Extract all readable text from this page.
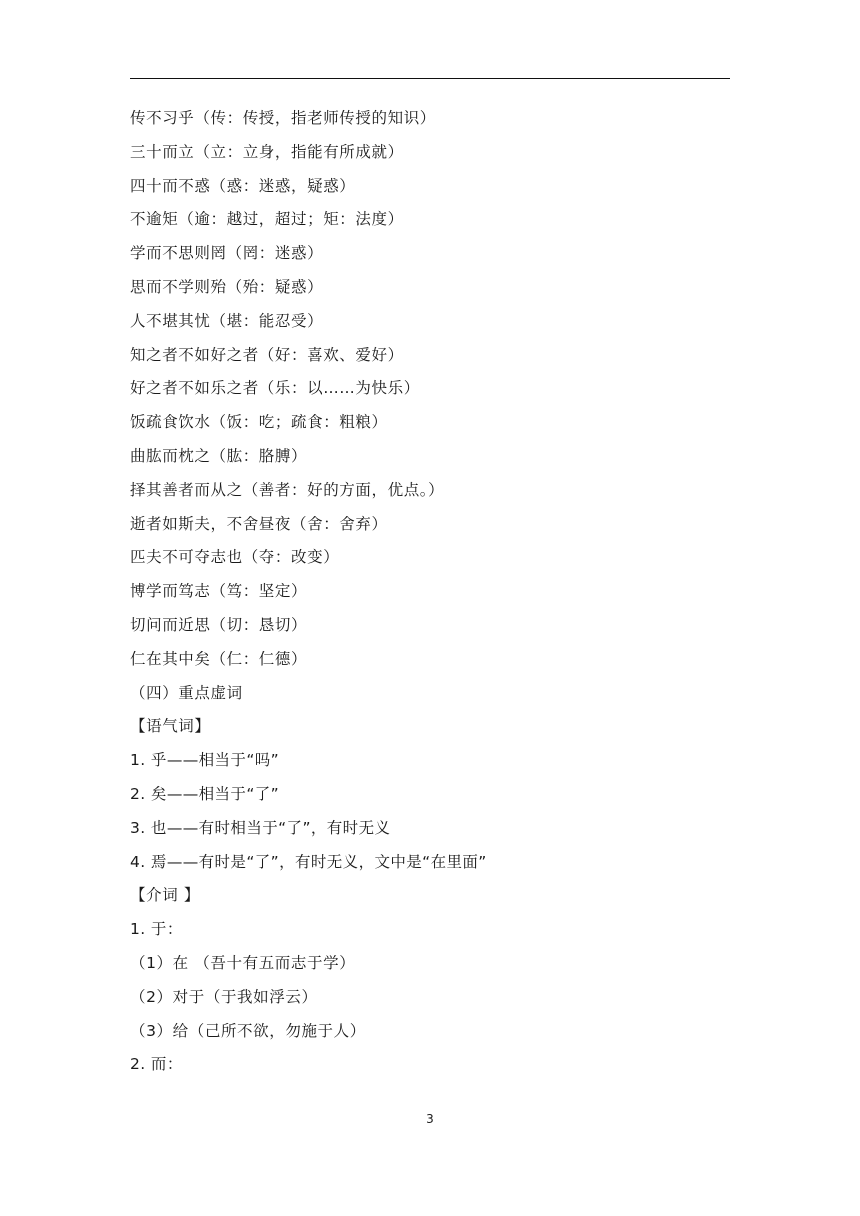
传不习乎（传：传授，指老师传授的知识）
三十而立（立：立身，指能有所成就）
四十而不惑（惑：迷惑，疑惑）
不逾矩（逾：越过，超过；矩：法度）
学而不思则罔（罔：迷惑）
思而不学则殆（殆：疑惑）
人不堪其忧（堪：能忍受）
知之者不如好之者（好：喜欢、爱好）
好之者不如乐之者（乐：以……为快乐）
饭疏食饮水（饭：吃；疏食：粗粮）
曲肱而枕之（肱：胳膊）
择其善者而从之（善者：好的方面，优点。）
逝者如斯夫，不舍昼夜（舍：舍弃）
匹夫不可夺志也（夺：改变）
博学而笃志（笃：坚定）
切问而近思（切：恳切）
仁在其中矣（仁：仁德）
（四）重点虚词
【语气词】
1. 乎——相当于“吗”
2. 矣——相当于“了”
3. 也——有时相当于“了”，有时无义
4. 焉——有时是“了”，有时无义，文中是“在里面”
【介词 】
1. 于：
（1）在 （吾十有五而志于学）
（2）对于（于我如浮云）
（3）给（己所不欲，勿施于人）
2. 而：
3
